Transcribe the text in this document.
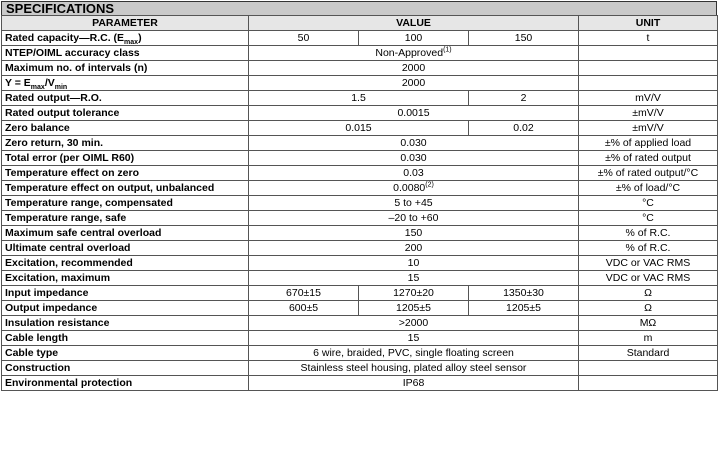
SPECIFICATIONS
PARAMETER	VALUE			UNIT
Rated capacity—R.C. $(E_{max})$	50	100	150	t
NTEP/OIML accuracy class	Non-Approved$^{(1)}$	
Maximum no. of intervals (n)	2000			
$Y = E_{max}/V_{min}$	2000			
Rated output—R.O.	1.5		2	mV/V
Rated output tolerance	0.0015			±mV/V
Zero balance	0.015		0.02	±mV/V
Zero return, 30 min.	0.030			±% of applied load
Total error (per OIML R60)	0.030			±% of rated output
Temperature effect on zero	0.03			±% of rated output/°C
Temperature effect on output, unbalanced	0.0080$^{(2)}$			±% of load/°C
Temperature range, compensated	5 to +45			°C
Temperature range, safe	–20 to +60			°C
Maximum safe central overload	150			% of R.C.
Ultimate central overload	200			% of R.C.
Excitation, recommended	10			VDC or VAC RMS
Excitation, maximum	15			VDC or VAC RMS
Input impedance	670±15	1270±20	1350±30	Ω
Output impedance	600±5	1205±5	1205±5	Ω
Insulation resistance	>2000			MΩ
Cable length	15			m
Cable type	6 wire, braided, PVC, single floating screen			Standard
Construction	Stainless steel housing, plated alloy steel sensor			
Environmental protection	IP68			
